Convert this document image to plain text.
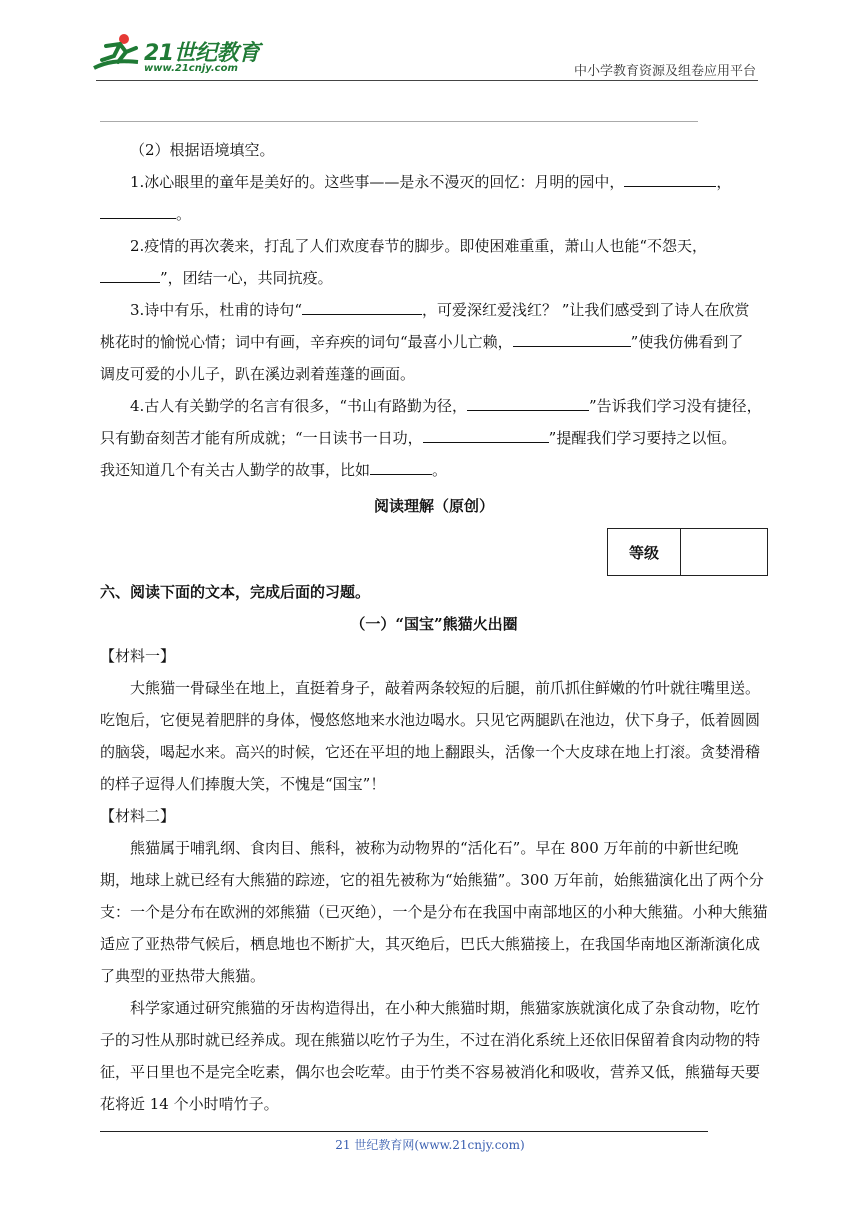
21世纪教育
www.21cnjy.com	中小学教育资源及组卷应用平台

（2）根据语境填空。

1.冰心眼里的童年是美好的。这些事——是永不漫灭的回忆：月明的园中，	，

。

2.疫情的再次袭来，打乱了人们欢度春节的脚步。即使困难重重，萧山人也能“不怨天，

”，团结一心，共同抗疫。

3.诗中有乐，杜甫的诗句“	，可爱深红爱浅红？ ”让我们感受到了诗人在欣赏

桃花时的愉悦心情；词中有画，辛弃疾的词句“最喜小儿亡赖，	”使我仿佛看到了

调皮可爱的小儿子，趴在溪边剥着莲蓬的画面。

4.古人有关勤学的名言有很多，“书山有路勤为径，	”告诉我们学习没有捷径，

只有勤奋刻苦才能有所成就；“一日读书一日功，	”提醒我们学习要持之以恒。

我还知道几个有关古人勤学的故事，比如	。

阅读理解（原创）

等级	

六、阅读下面的文本，完成后面的习题。

（一）“国宝”熊猫火出圈

【材料一】

大熊猫一骨碌坐在地上，直挺着身子，敲着两条较短的后腿，前爪抓住鲜嫩的竹叶就往嘴里送。吃饱后，它便晃着肥胖的身体，慢悠悠地来水池边喝水。只见它两腿趴在池边，伏下身子，低着圆圆的脑袋，喝起水来。高兴的时候，它还在平坦的地上翻跟头，活像一个大皮球在地上打滚。贪婪滑稽的样子逗得人们捧腹大笑，不愧是“国宝”！

【材料二】

熊猫属于哺乳纲、食肉目、熊科，被称为动物界的“活化石”。早在 800 万年前的中新世纪晚期，地球上就已经有大熊猫的踪迹，它的祖先被称为“始熊猫”。300 万年前，始熊猫演化出了两个分支：一个是分布在欧洲的郊熊猫（已灭绝），一个是分布在我国中南部地区的小种大熊猫。小种大熊猫适应了亚热带气候后，栖息地也不断扩大，其灭绝后，巴氏大熊猫接上，在我国华南地区渐渐演化成了典型的亚热带大熊猫。

科学家通过研究熊猫的牙齿构造得出，在小种大熊猫时期，熊猫家族就演化成了杂食动物，吃竹子的习性从那时就已经养成。现在熊猫以吃竹子为生，不过在消化系统上还依旧保留着食肉动物的特征，平日里也不是完全吃素，偶尔也会吃荤。由于竹类不容易被消化和吸收，营养又低，熊猫每天要花将近 14 个小时啃竹子。

21 世纪教育网(www.21cnjy.com)
